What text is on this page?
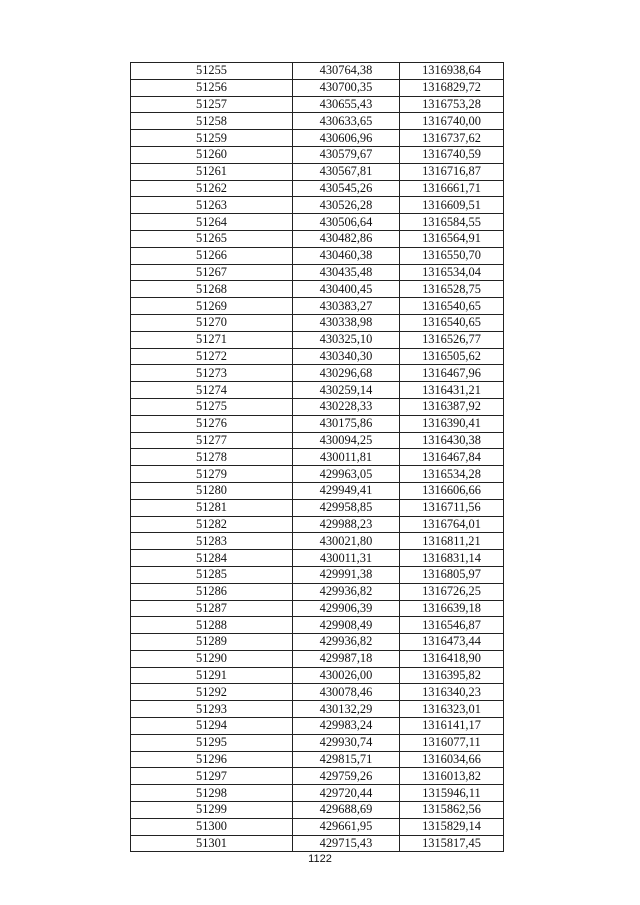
51255	430764,38	1316938,64
51256	430700,35	1316829,72
51257	430655,43	1316753,28
51258	430633,65	1316740,00
51259	430606,96	1316737,62
51260	430579,67	1316740,59
51261	430567,81	1316716,87
51262	430545,26	1316661,71
51263	430526,28	1316609,51
51264	430506,64	1316584,55
51265	430482,86	1316564,91
51266	430460,38	1316550,70
51267	430435,48	1316534,04
51268	430400,45	1316528,75
51269	430383,27	1316540,65
51270	430338,98	1316540,65
51271	430325,10	1316526,77
51272	430340,30	1316505,62
51273	430296,68	1316467,96
51274	430259,14	1316431,21
51275	430228,33	1316387,92
51276	430175,86	1316390,41
51277	430094,25	1316430,38
51278	430011,81	1316467,84
51279	429963,05	1316534,28
51280	429949,41	1316606,66
51281	429958,85	1316711,56
51282	429988,23	1316764,01
51283	430021,80	1316811,21
51284	430011,31	1316831,14
51285	429991,38	1316805,97
51286	429936,82	1316726,25
51287	429906,39	1316639,18
51288	429908,49	1316546,87
51289	429936,82	1316473,44
51290	429987,18	1316418,90
51291	430026,00	1316395,82
51292	430078,46	1316340,23
51293	430132,29	1316323,01
51294	429983,24	1316141,17
51295	429930,74	1316077,11
51296	429815,71	1316034,66
51297	429759,26	1316013,82
51298	429720,44	1315946,11
51299	429688,69	1315862,56
51300	429661,95	1315829,14
51301	429715,43	1315817,45
1122
